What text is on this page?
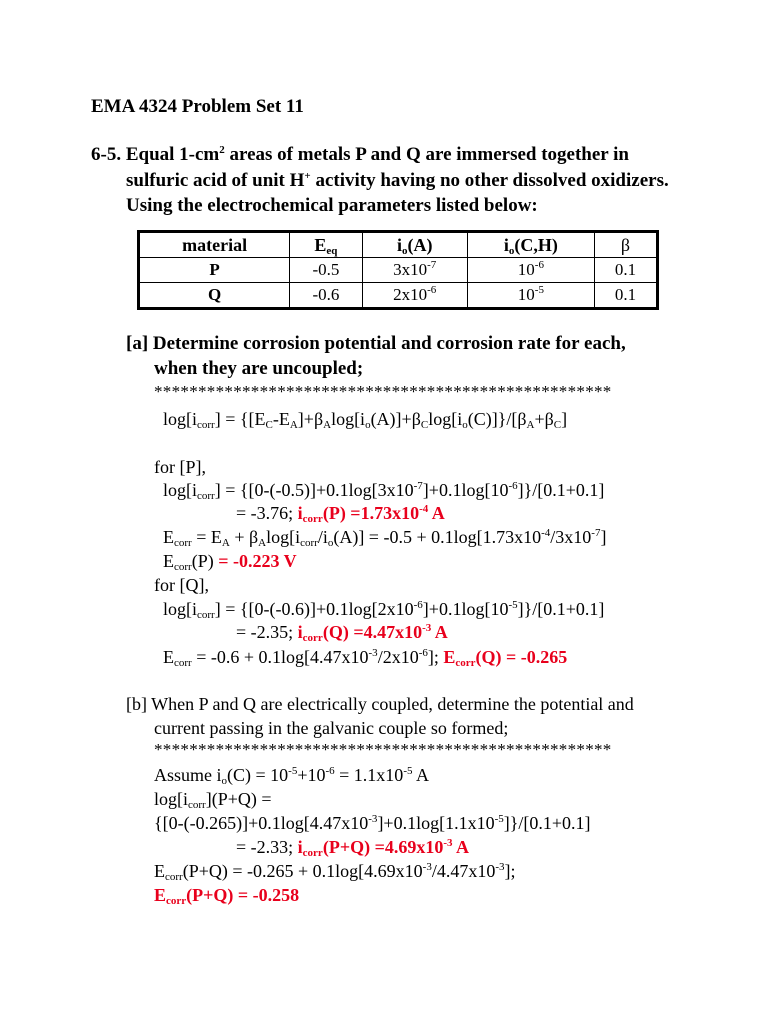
EMA 4324 Problem Set 11
6-5. Equal $1-cm^2$ areas of metals P and Q are immersed together in
sulfuric acid of unit H+ activity having no other dissolved oxidizers.
Using the electrochemical parameters listed below:
material	$E_{eq}$	$i_o(A)$	$i_o(C,H)$	β
P	-0.5	$3x10^{-7}$	$10^{-6}$	0.1
Q	-0.6	$2x10^{-6}$	$10^{-5}$	0.1
[a] Determine corrosion potential and corrosion rate for each,
when they are uncoupled;
****************************************************
$\log[i_{corr}] = \{[E_C-E_A]+\beta_A\log[i_o(A)]+\beta_C\log[i_o(C)]\}/[\beta_A+\beta_C]$
for [P],
$\log[i_{corr}] = \{[0-(-0.5)]+0.1\log[3x10^{-7}]+0.1\log[10^{-6}]\}/[0.1+0.1]$
= -3.76; $i_{corr}(P) =1.73x10^{-4}$ A
$E_{corr} = E_A + \beta_A\log[i_{corr}/i_o(A)] = -0.5 + 0.1\log[1.73x10^{-4}/3x10^{-7}]$
$E_{corr}(P) = -0.223$ V
for [Q],
$\log[i_{corr}] = \{[0-(-0.6)]+0.1\log[2x10^{-6}]+0.1\log[10^{-5}]\}/[0.1+0.1]$
= -2.35; $i_{corr}(Q) =4.47x10^{-3}$ A
$E_{corr} = -0.6 + 0.1\log[4.47x10^{-3}/2x10^{-6}]$; $E_{corr}(Q) = -0.265$
[b] When P and Q are electrically coupled, determine the potential and
current passing in the galvanic couple so formed;
****************************************************
Assume $i_o(C) = 10^{-5}+10^{-6} = 1.1x10^{-5}$ A
$\log[i_{corr}](P+Q)$ =
$\{[0-(-0.265)]+0.1\log[4.47x10^{-3}]+0.1\log[1.1x10^{-5}]\}/[0.1+0.1]$
= -2.33; $i_{corr}(P+Q) =4.69x10^{-3}$ A
$E_{corr}(P+Q) = -0.265 + 0.1\log[4.69x10^{-3}/4.47x10^{-3}]$;
$E_{corr}(P+Q) = -0.258$
